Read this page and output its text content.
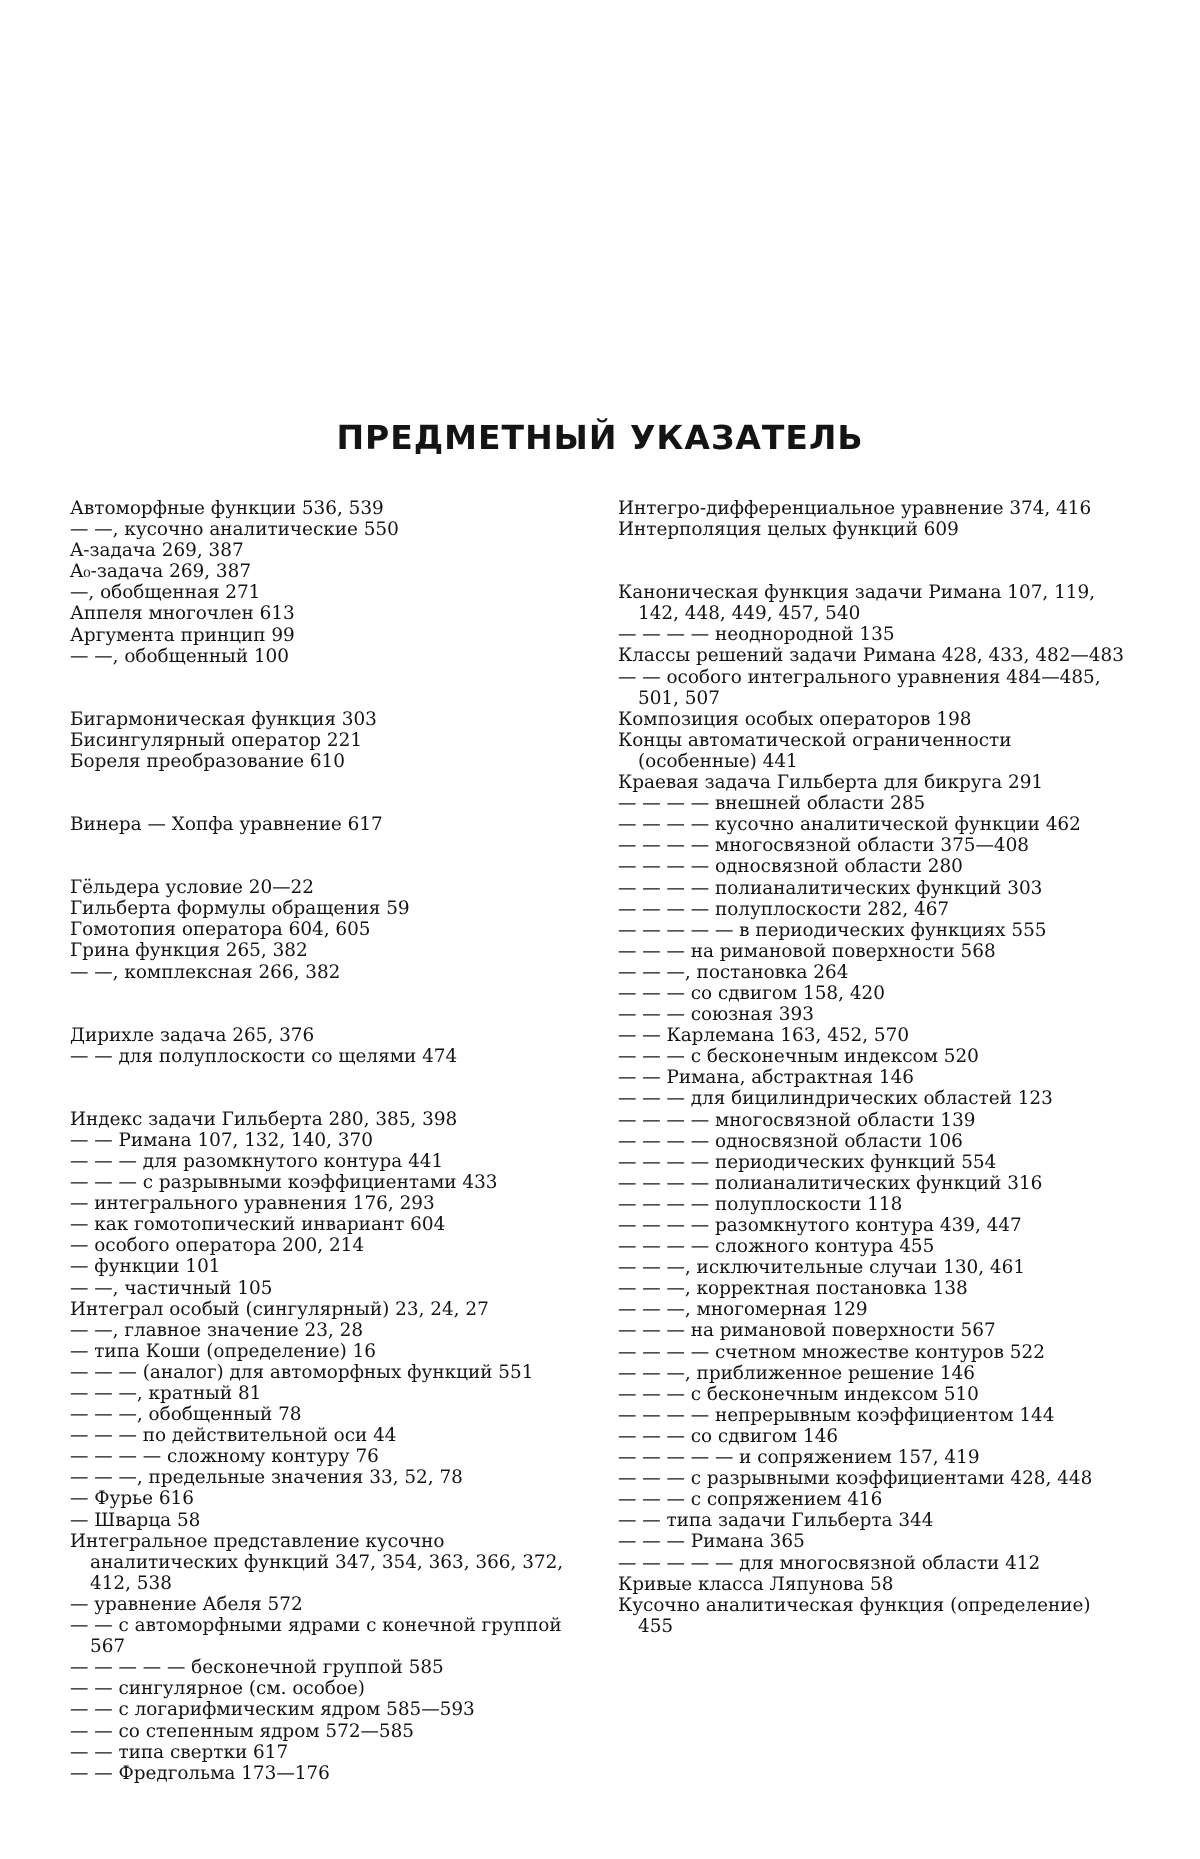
ПРЕДМЕТНЫЙ УКАЗАТЕЛЬ
Автоморфные функции 536, 539
— —, кусочно аналитические 550
A-задача 269, 387
A₀-задача 269, 387
—, обобщенная 271
Аппеля многочлен 613
Аргумента принцип 99
— —, обобщенный 100
Бигармоническая функция 303
Бисингулярный оператор 221
Бореля преобразование 610
Винера — Хопфа уравнение 617
Гёльдера условие 20—22
Гильберта формулы обращения 59
Гомотопия оператора 604, 605
Грина функция 265, 382
— —, комплексная 266, 382
Дирихле задача 265, 376
— — для полуплоскости со щелями 474
Индекс задачи Гильберта 280, 385, 398
— — Римана 107, 132, 140, 370
— — — для разомкнутого контура 441
— — — с разрывными коэффициентами 433
— интегрального уравнения 176, 293
— как гомотопический инвариант 604
— особого оператора 200, 214
— функции 101
— —, частичный 105
Интеграл особый (сингулярный) 23, 24, 27
— —, главное значение 23, 28
— типа Коши (определение) 16
— — — (аналог) для автоморфных функций 551
— — —, кратный 81
— — —, обобщенный 78
— — — по действительной оси 44
— — — — сложному контуру 76
— — —, предельные значения 33, 52, 78
— Фурье 616
— Шварца 58
Интегральное представление кусочно аналитических функций 347, 354, 363, 366, 372, 412, 538
— уравнение Абеля 572
— — с автоморфными ядрами с конечной группой 567
— — — — — бесконечной группой 585
— — сингулярное (см. особое)
— — с логарифмическим ядром 585—593
— — со степенным ядром 572—585
— — типа свертки 617
— — Фредгольма 173—176
Интегро-дифференциальное уравнение 374, 416
Интерполяция целых функций 609
Каноническая функция задачи Римана 107, 119, 142, 448, 449, 457, 540
— — — — неоднородной 135
Классы решений задачи Римана 428, 433, 482—483
— — особого интегрального уравнения 484—485, 501, 507
Композиция особых операторов 198
Концы автоматической ограниченности (особенные) 441
Краевая задача Гильберта для бикруга 291
— — — — внешней области 285
— — — — кусочно аналитической функции 462
— — — — многосвязной области 375—408
— — — — односвязной области 280
— — — — полианалитических функций 303
— — — — полуплоскости 282, 467
— — — — — в периодических функциях 555
— — — на римановой поверхности 568
— — —, постановка 264
— — — со сдвигом 158, 420
— — — союзная 393
— — Карлемана 163, 452, 570
— — — с бесконечным индексом 520
— — Римана, абстрактная 146
— — — для бицилиндрических областей 123
— — — — многосвязной области 139
— — — — односвязной области 106
— — — — периодических функций 554
— — — — полианалитических функций 316
— — — — полуплоскости 118
— — — — разомкнутого контура 439, 447
— — — — сложного контура 455
— — —, исключительные случаи 130, 461
— — —, корректная постановка 138
— — —, многомерная 129
— — — на римановой поверхности 567
— — — — счетном множестве контуров 522
— — —, приближенное решение 146
— — — с бесконечным индексом 510
— — — — непрерывным коэффициентом 144
— — — со сдвигом 146
— — — — — и сопряжением 157, 419
— — — с разрывными коэффициентами 428, 448
— — — с сопряжением 416
— — типа задачи Гильберта 344
— — — Римана 365
— — — — — для многосвязной области 412
Кривые класса Ляпунова 58
Кусочно аналитическая функция (определение) 455
